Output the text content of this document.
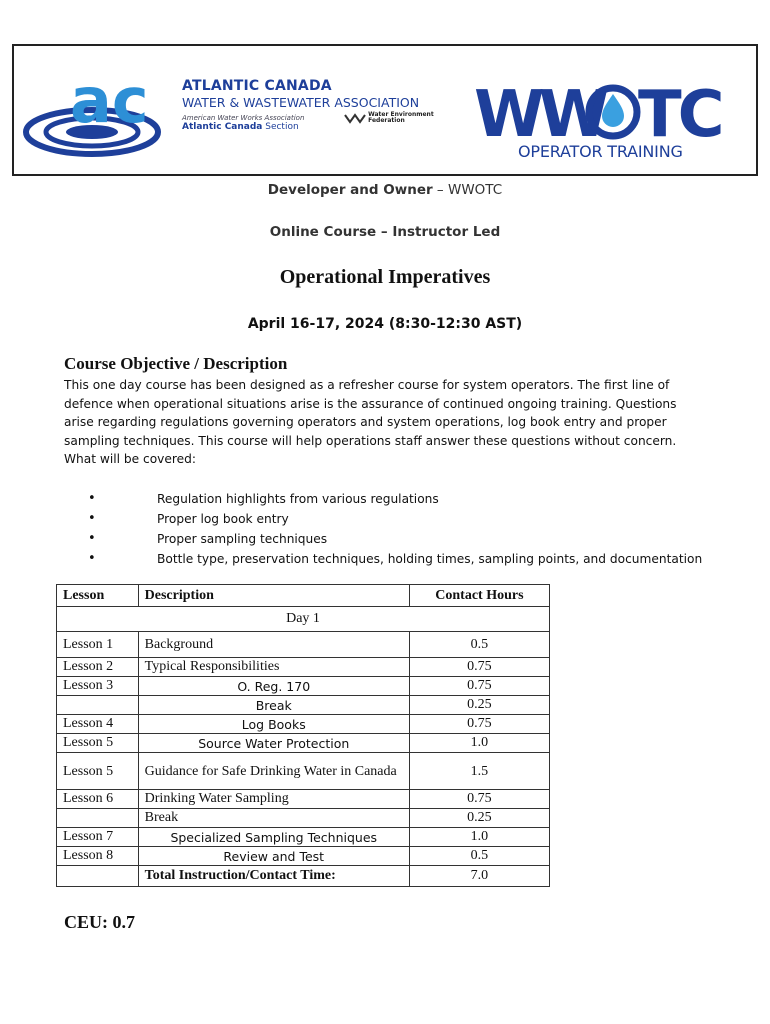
ac ATLANTIC CANADA
WATER & WASTEWATER ASSOCIATION
American Water Works Association
Atlantic Canada Section
Water Environment
Federation	WW TC
OPERATOR TRAINING
Developer and Owner – WWOTC
Online Course – Instructor Led
Operational Imperatives
April 16-17, 2024 (8:30-12:30 AST)
Course Objective / Description
This one day course has been designed as a refresher course for system operators. The first line of defence when operational situations arise is the assurance of continued ongoing training. Questions arise regarding regulations governing operators and system operations, log book entry and proper sampling techniques. This course will help operations staff answer these questions without concern. What will be covered:
•	Regulation highlights from various regulations
•	Proper log book entry
•	Proper sampling techniques
•	Bottle type, preservation techniques, holding times, sampling points, and documentation
Lesson	Description	Contact Hours
Day 1		
Lesson 1	Background	0.5
Lesson 2	Typical Responsibilities	0.75
Lesson 3	O. Reg. 170	0.75
	Break	0.25
Lesson 4	Log Books	0.75
Lesson 5	Source Water Protection	1.0
Lesson 5	Guidance for Safe Drinking Water in Canada	1.5
Lesson 6	Drinking Water Sampling	0.75
	Break	0.25
Lesson 7	Specialized Sampling Techniques	1.0
Lesson 8	Review and Test	0.5
	Total Instruction/Contact Time:	7.0
CEU: 0.7
